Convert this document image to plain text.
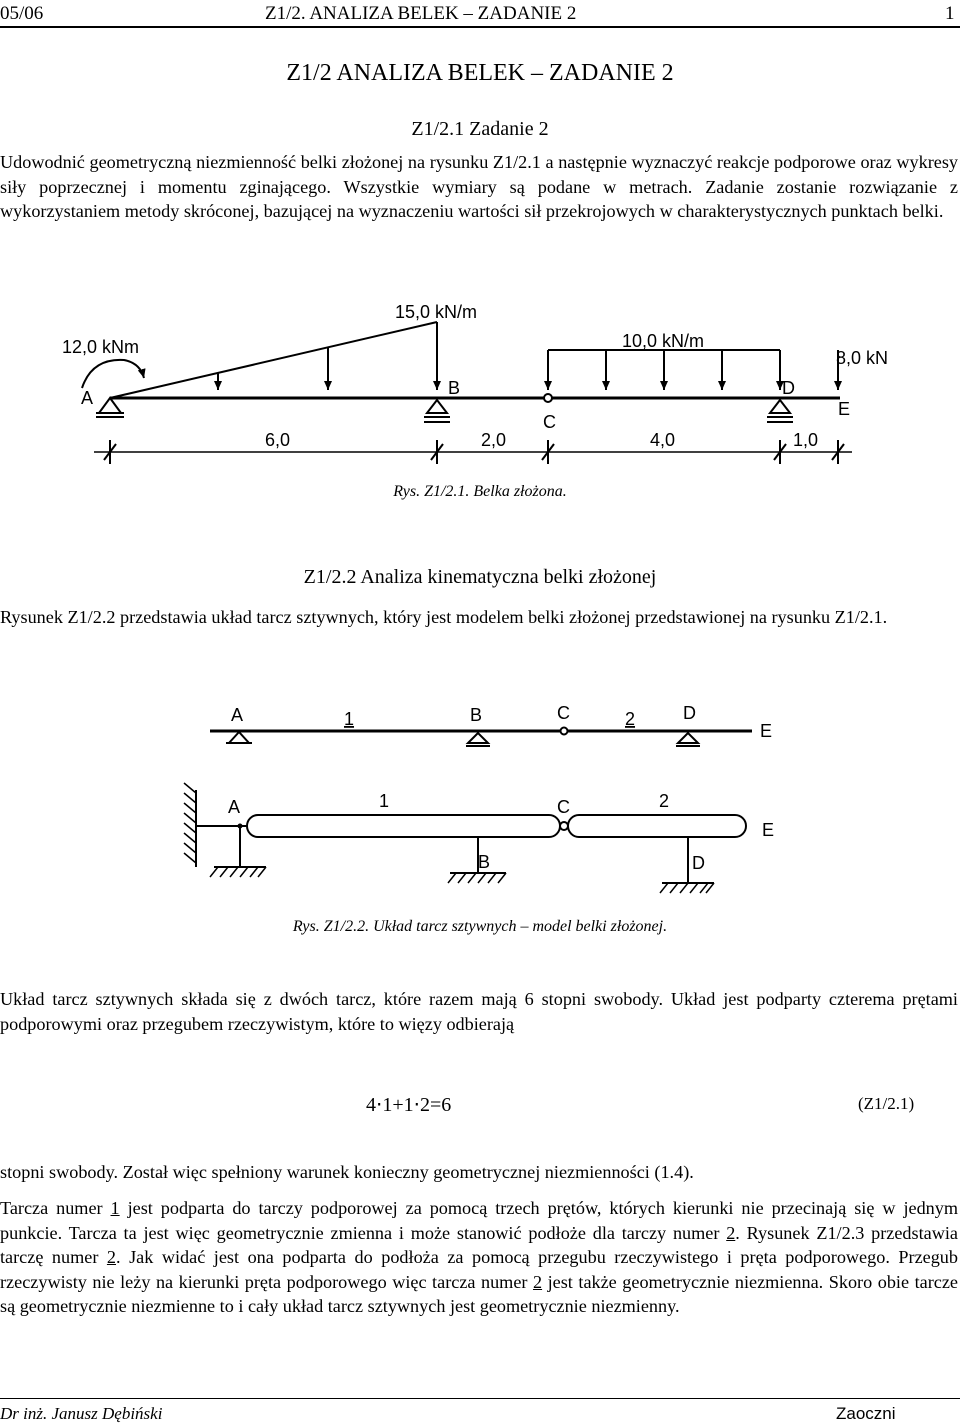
05/06	Z1/2. ANALIZA BELEK – ZADANIE 2	1
Z1/2 ANALIZA BELEK – ZADANIE 2
Z1/2.1 Zadanie 2
Udowodnić geometryczną niezmienność belki złożonej na rysunku Z1/2.1 a następnie wyznaczyć reakcje podporowe oraz wykresy siły poprzecznej i momentu zginającego. Wszystkie wymiary są podane w metrach. Zadanie zostanie rozwiązanie z wykorzystaniem metody skróconej, bazującej na wyznaczeniu wartości sił przekrojowych w charakterystycznych punktach belki.
12,0 kNm
15,0 kN/m
10,0 kN/m
8,0 kN
A	B
C
D
E
6,0	2,0	4,0	1,0
Rys. Z1/2.1. Belka złożona.
Z1/2.2 Analiza kinematyczna belki złożonej
Rysunek Z1/2.2 przedstawia układ tarcz sztywnych, który jest modelem belki złożonej przedstawionej na rysunku Z1/2.1.
A	1	B	C	2	D
E
A	1	C	2
E
B	D
Rys. Z1/2.2. Układ tarcz sztywnych – model belki złożonej.
Układ tarcz sztywnych składa się z dwóch tarcz, które razem mają 6 stopni swobody. Układ jest podparty czterema prętami podporowymi oraz przegubem rzeczywistym, które to więzy odbierają
4⋅1+1⋅2=6	(Z1/2.1)
stopni swobody. Został więc spełniony warunek konieczny geometrycznej niezmienności (1.4).
Tarcza numer 1 jest podparta do tarczy podporowej za pomocą trzech prętów, których kierunki nie przecinają się w jednym punkcie. Tarcza ta jest więc geometrycznie zmienna i może stanowić podłoże dla tarczy numer 2. Rysunek Z1/2.3 przedstawia tarczę numer 2. Jak widać jest ona podparta do podłoża za pomocą przegubu rzeczywistego i pręta podporowego. Przegub rzeczywisty nie leży na kierunki pręta podporowego więc tarcza numer 2 jest także geometrycznie niezmienna. Skoro obie tarcze są geometrycznie niezmienne to i cały układ tarcz sztywnych jest geometrycznie niezmienny.
Dr inż. Janusz Dębiński	Zaoczni
